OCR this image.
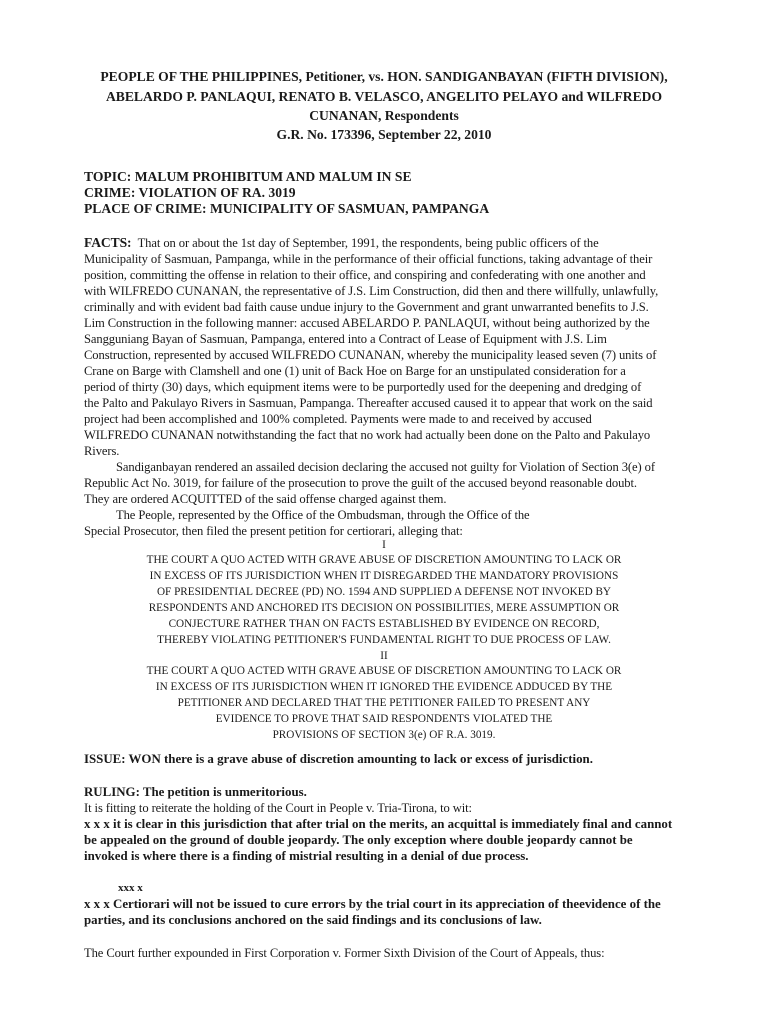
PEOPLE OF THE PHILIPPINES, Petitioner, vs. HON. SANDIGANBAYAN (FIFTH DIVISION),
ABELARDO P. PANLAQUI, RENATO B. VELASCO, ANGELITO PELAYO and WILFREDO
CUNANAN, Respondents
G.R. No. 173396, September 22, 2010
TOPIC: MALUM PROHIBITUM AND MALUM IN SE
CRIME: VIOLATION OF RA. 3019
PLACE OF CRIME: MUNICIPALITY OF SASMUAN, PAMPANGA
FACTS: That on or about the 1st day of September, 1991, the respondents, being public officers of the
Municipality of Sasmuan, Pampanga, while in the performance of their official functions, taking advantage of their
position, committing the offense in relation to their office, and conspiring and confederating with one another and
with WILFREDO CUNANAN, the representative of J.S. Lim Construction, did then and there willfully, unlawfully,
criminally and with evident bad faith cause undue injury to the Government and grant unwarranted benefits to J.S.
Lim Construction in the following manner: accused ABELARDO P. PANLAQUI, without being authorized by the
Sangguniang Bayan of Sasmuan, Pampanga, entered into a Contract of Lease of Equipment with J.S. Lim
Construction, represented by accused WILFREDO CUNANAN, whereby the municipality leased seven (7) units of
Crane on Barge with Clamshell and one (1) unit of Back Hoe on Barge for an unstipulated consideration for a
period of thirty (30) days, which equipment items were to be purportedly used for the deepening and dredging of
the Palto and Pakulayo Rivers in Sasmuan, Pampanga. Thereafter accused caused it to appear that work on the said
project had been accomplished and 100% completed. Payments were made to and received by accused
WILFREDO CUNANAN notwithstanding the fact that no work had actually been done on the Palto and Pakulayo
Rivers.
Sandiganbayan rendered an assailed decision declaring the accused not guilty for Violation of Section 3(e) of
Republic Act No. 3019, for failure of the prosecution to prove the guilt of the accused beyond reasonable doubt.
They are ordered ACQUITTED of the said offense charged against them.
The People, represented by the Office of the Ombudsman, through the Office of the
Special Prosecutor, then filed the present petition for certiorari, alleging that:
I
THE COURT A QUO ACTED WITH GRAVE ABUSE OF DISCRETION AMOUNTING TO LACK OR
IN EXCESS OF ITS JURISDICTION WHEN IT DISREGARDED THE MANDATORY PROVISIONS
OF PRESIDENTIAL DECREE (PD) NO. 1594 AND SUPPLIED A DEFENSE NOT INVOKED BY
RESPONDENTS AND ANCHORED ITS DECISION ON POSSIBILITIES, MERE ASSUMPTION OR
CONJECTURE RATHER THAN ON FACTS ESTABLISHED BY EVIDENCE ON RECORD,
THEREBY VIOLATING PETITIONER'S FUNDAMENTAL RIGHT TO DUE PROCESS OF LAW.
II
THE COURT A QUO ACTED WITH GRAVE ABUSE OF DISCRETION AMOUNTING TO LACK OR
IN EXCESS OF ITS JURISDICTION WHEN IT IGNORED THE EVIDENCE ADDUCED BY THE
PETITIONER AND DECLARED THAT THE PETITIONER FAILED TO PRESENT ANY
EVIDENCE TO PROVE THAT SAID RESPONDENTS VIOLATED THE
PROVISIONS OF SECTION 3(e) OF R.A. 3019.
ISSUE: WON there is a grave abuse of discretion amounting to lack or excess of jurisdiction.
RULING: The petition is unmeritorious.
It is fitting to reiterate the holding of the Court in People v. Tria-Tirona, to wit:
x x x it is clear in this jurisdiction that after trial on the merits, an acquittal is immediately final and cannot
be appealed on the ground of double jeopardy. The only exception where double jeopardy cannot be
invoked is where there is a finding of mistrial resulting in a denial of due process.
xxx x
x x x Certiorari will not be issued to cure errors by the trial court in its appreciation of theevidence of the
parties, and its conclusions anchored on the said findings and its conclusions of law.
The Court further expounded in First Corporation v. Former Sixth Division of the Court of Appeals, thus:
